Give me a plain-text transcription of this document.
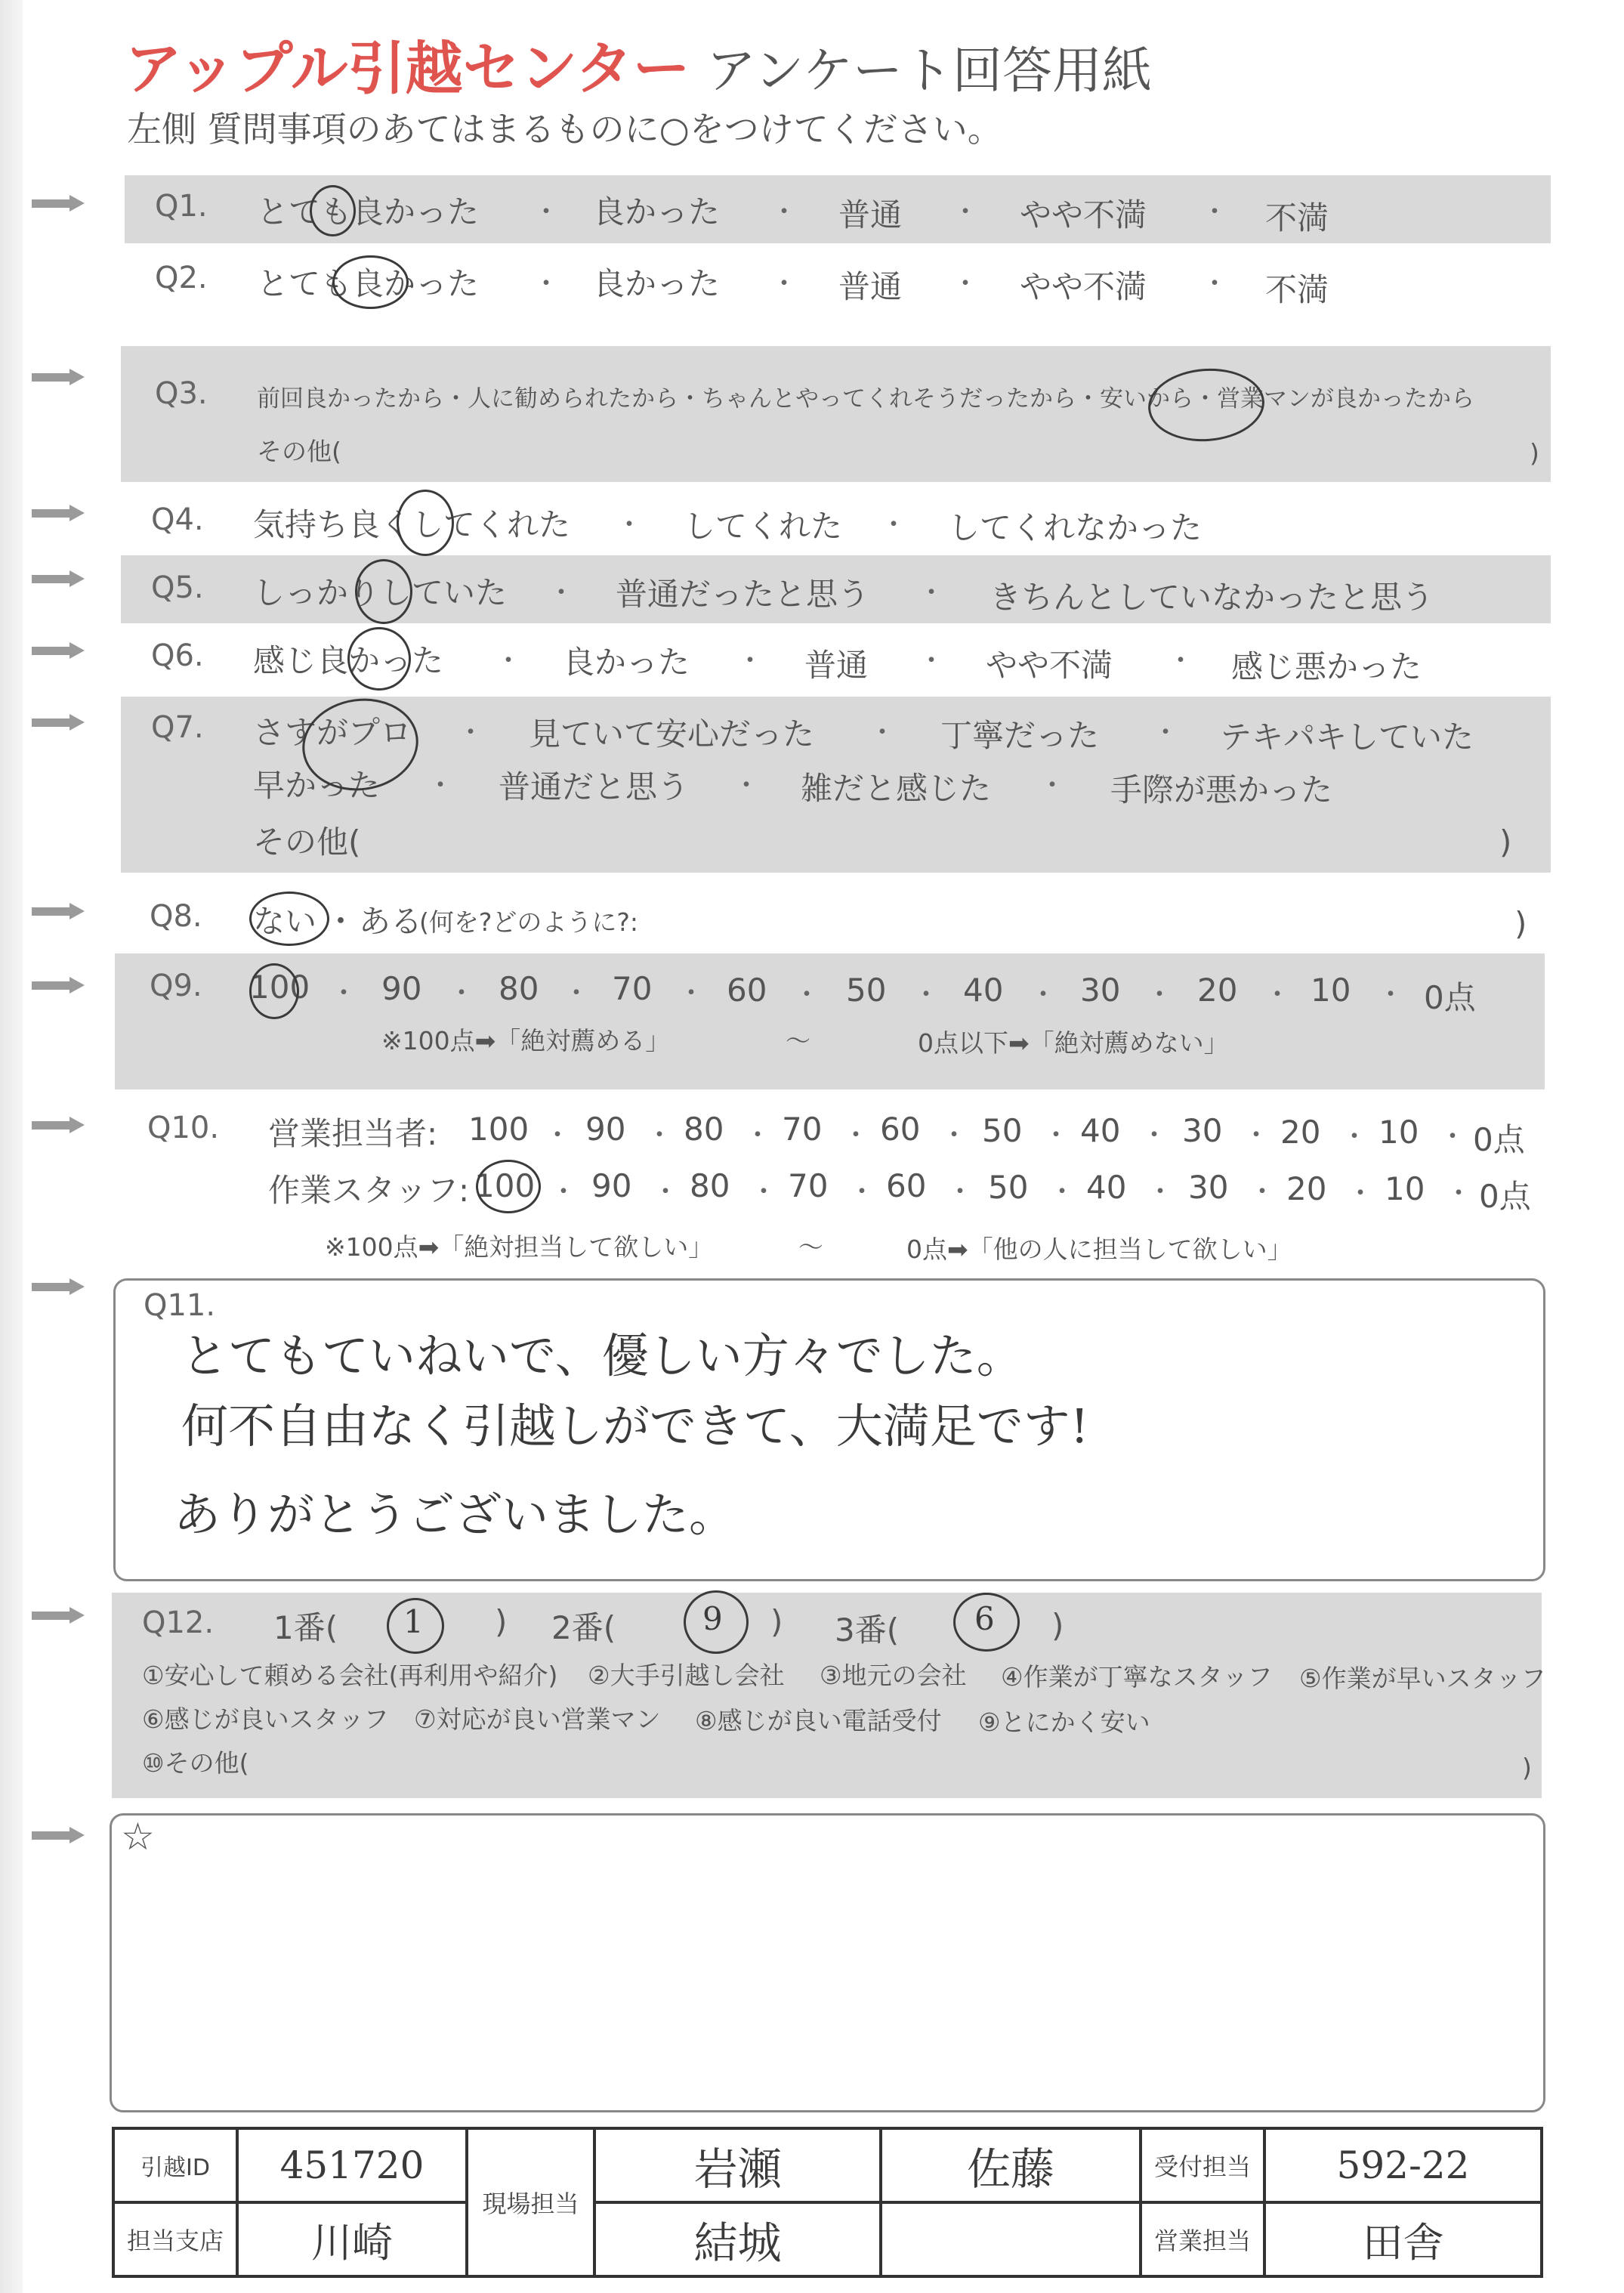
アップル引越センター アンケート回答用紙
左側 質問事項のあてはまるものに○をつけてください。
Q1. とても良かった ・ 良かった ・ 普通 ・ やや不満 ・ 不満
Q2. とても良かった ・ 良かった ・ 普通 ・ やや不満 ・ 不満
Q3. 前回良かったから・人に勧められたから・ちゃんとやってくれそうだったから・安いから・営業マンが良かったから
その他(	)
Q4. 気持ち良くしてくれた ・ してくれた ・ してくれなかった
Q5. しっかりしていた ・ 普通だったと思う ・ きちんとしていなかったと思う
Q6. 感じ良かった ・ 良かった ・ 普通 ・ やや不満 ・ 感じ悪かった
Q7. さすがプロ ・ 見ていて安心だった ・ 丁寧だった ・ テキパキしていた
早かった ・ 普通だと思う ・ 雑だと感じた ・ 手際が悪かった
その他(	)
Q8. ない ・ ある
(何を?どのように?:	)
Q9. 100 ・ 90 ・ 80 ・ 70 ・ 60 ・ 50 ・ 40 ・ 30 ・ 20 ・ 10 ・ 0点
※100点➡「絶対薦める」	〜	0点以下➡「絶対薦めない」
Q10. 営業担当者: 100 ・ 90 ・ 80 ・ 70 ・ 60 ・ 50 ・ 40 ・ 30 ・ 20 ・ 10 ・ 0点
作業スタッフ: 100 ・ 90 ・ 80 ・ 70 ・ 60 ・ 50 ・ 40 ・ 30 ・ 20 ・ 10 ・ 0点
※100点➡「絶対担当して欲しい」	〜	0点➡「他の人に担当して欲しい」
Q11.
とてもていねいで、優しい方々でした。
何不自由なく引越しができて、大満足です!
ありがとうございました。
Q12. 1番( 1 ) 2番(	9 ) 3番( 6 )
①安心して頼める会社(再利用や紹介) ②大手引越し会社 ③地元の会社 ④作業が丁寧なスタッフ ⑤作業が早いスタッフ
⑥感じが良いスタッフ ⑦対応が良い営業マン ⑧感じが良い電話受付 ⑨とにかく安い
⑩その他(	)
☆
引越ID	451720	現場担当	岩瀬	佐藤	受付担当	592-22
担当支店	川崎		結城		営業担当	田舎
